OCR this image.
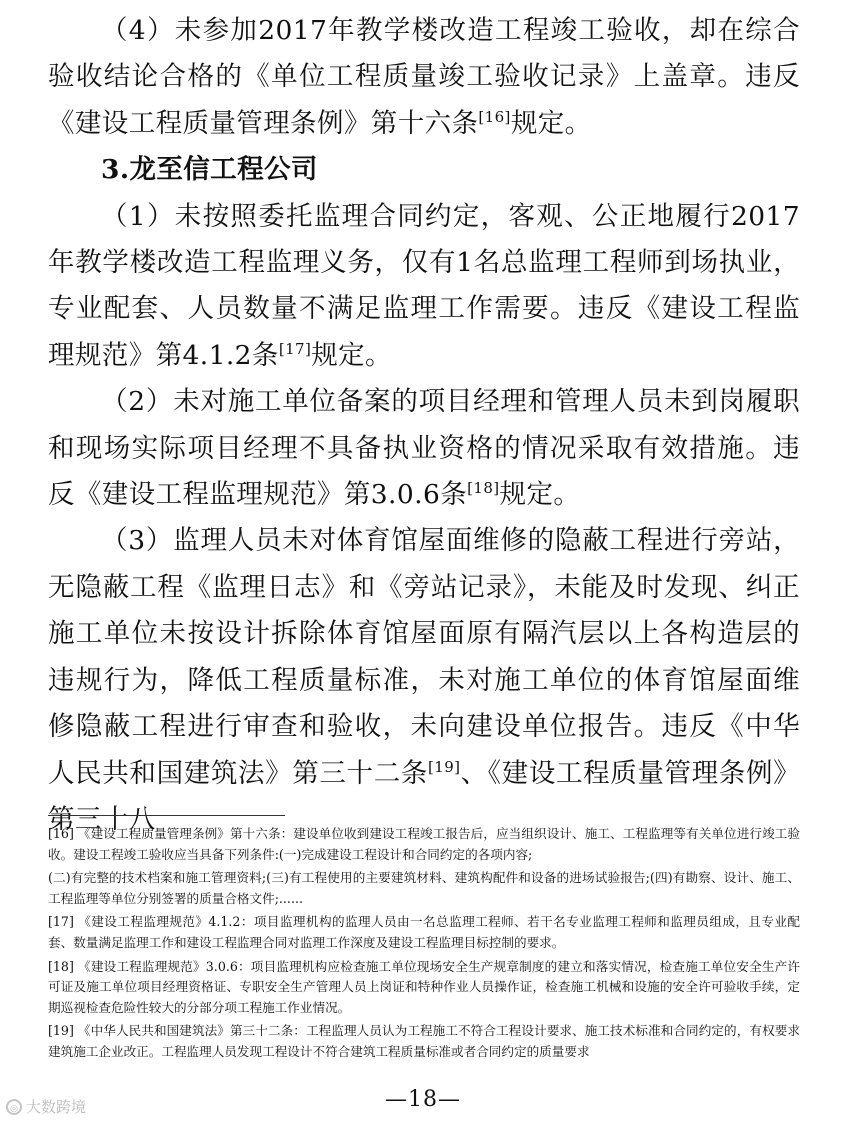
（4）未参加2017年教学楼改造工程竣工验收，却在综合验收结论合格的《单位工程质量竣工验收记录》上盖章。违反《建设工程质量管理条例》第十六条[16]规定。

3.龙至信工程公司

（1）未按照委托监理合同约定，客观、公正地履行2017年教学楼改造工程监理义务，仅有1名总监理工程师到场执业，专业配套、人员数量不满足监理工作需要。违反《建设工程监理规范》第4.1.2条[17]规定。

（2）未对施工单位备案的项目经理和管理人员未到岗履职和现场实际项目经理不具备执业资格的情况采取有效措施。违反《建设工程监理规范》第3.0.6条[18]规定。

（3）监理人员未对体育馆屋面维修的隐蔽工程进行旁站，无隐蔽工程《监理日志》和《旁站记录》，未能及时发现、纠正施工单位未按设计拆除体育馆屋面原有隔汽层以上各构造层的违规行为，降低工程质量标准，未对施工单位的体育馆屋面维修隐蔽工程进行审查和验收，未向建设单位报告。违反《中华人民共和国建筑法》第三十二条[19]、《建设工程质量管理条例》第三十八

[16] 《建设工程质量管理条例》第十六条：建设单位收到建设工程竣工报告后，应当组织设计、施工、工程监理等有关单位进行竣工验收。建设工程竣工验收应当具备下列条件:(一)完成建设工程设计和合同约定的各项内容;

(二)有完整的技术档案和施工管理资料;(三)有工程使用的主要建筑材料、建筑构配件和设备的进场试验报告;(四)有勘察、设计、施工、工程监理等单位分别签署的质量合格文件;......

[17] 《建设工程监理规范》4.1.2：项目监理机构的监理人员由一名总监理工程师、若干名专业监理工程师和监理员组成，且专业配套、数量满足监理工作和建设工程监理合同对监理工作深度及建设工程监理目标控制的要求。

[18] 《建设工程监理规范》3.0.6：项目监理机构应检查施工单位现场安全生产规章制度的建立和落实情况，检查施工单位安全生产许可证及施工单位项目经理资格证、专职安全生产管理人员上岗证和特种作业人员操作证，检查施工机械和设施的安全许可验收手续，定期巡视检查危险性较大的分部分项工程施工作业情况。

[19] 《中华人民共和国建筑法》第三十二条：工程监理人员认为工程施工不符合工程设计要求、施工技术标准和合同约定的，有权要求建筑施工企业改正。工程监理人员发现工程设计不符合建筑工程质量标准或者合同约定的质量要求

—18—
◎ 大数跨境
